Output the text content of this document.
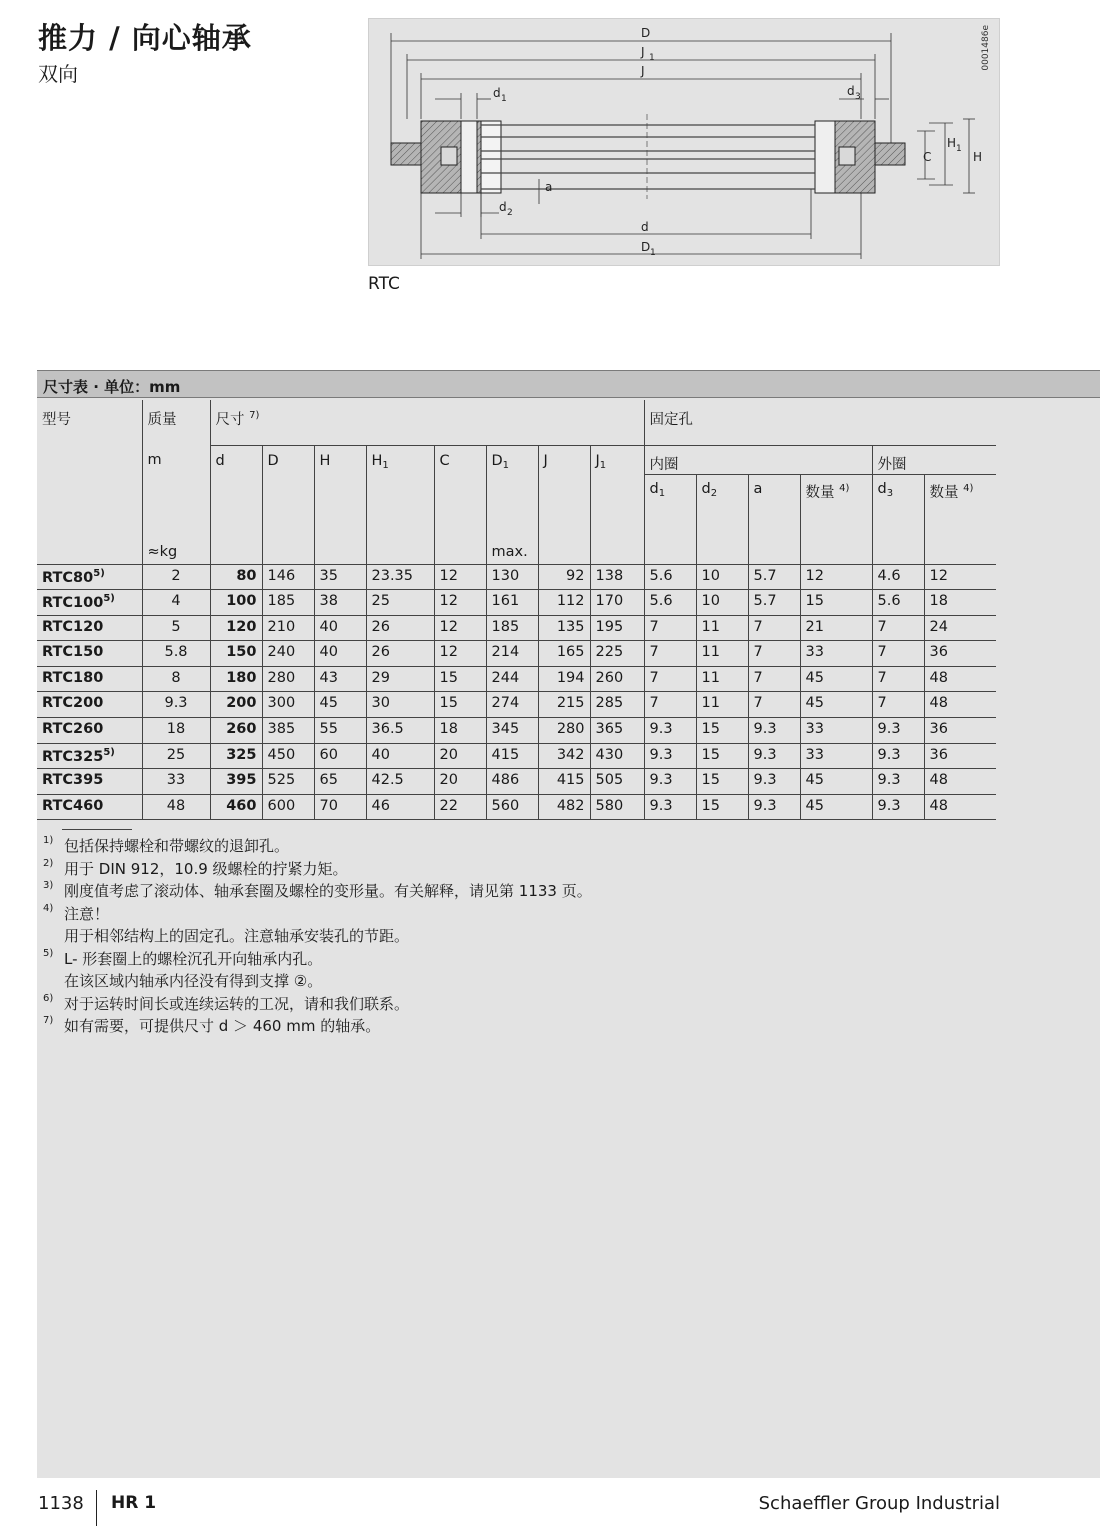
推力 / 向心轴承
双向
D
J 1
J
d 1
d 3
H 1
C	H
a
d 2
d
D 1
0001486e
RTC
尺寸表 · 单位：mm
型号	质量	尺寸 $^{7)}$								固定孔					
	m	d	D	H	$H_1$	C	$D_1$	J	$J_1$	内圈				外圈	
	≈kg						max.			$d_1$	$d_2$	a	数量 $^{4)}$	$d_3$	数量 $^{4)}$
RTC80$^{5)}$	2	80	146	35	23.35	12	130	92	138	5.6	10	5.7	12	4.6	12
RTC100$^{5)}$	4	100	185	38	25	12	161	112	170	5.6	10	5.7	15	5.6	18
RTC120	5	120	210	40	26	12	185	135	195	7	11	7	21	7	24
RTC150	5.8	150	240	40	26	12	214	165	225	7	11	7	33	7	36
RTC180	8	180	280	43	29	15	244	194	260	7	11	7	45	7	48
RTC200	9.3	200	300	45	30	15	274	215	285	7	11	7	45	7	48
RTC260	18	260	385	55	36.5	18	345	280	365	9.3	15	9.3	33	9.3	36
RTC325$^{5)}$	25	325	450	60	40	20	415	342	430	9.3	15	9.3	33	9.3	36
RTC395	33	395	525	65	42.5	20	486	415	505	9.3	15	9.3	45	9.3	48
RTC460	48	460	600	70	46	22	560	482	580	9.3	15	9.3	45	9.3	48
1) 包括保持螺栓和带螺纹的退卸孔。
2) 用于 DIN 912，10.9 级螺栓的拧紧力矩。
3) 刚度值考虑了滚动体、轴承套圈及螺栓的变形量。有关解释，请见第 1133 页。
4) 注意！
用于相邻结构上的固定孔。注意轴承安装孔的节距。
5) L- 形套圈上的螺栓沉孔开向轴承内孔。
在该区域内轴承内径没有得到支撑 ②。
6) 对于运转时间长或连续运转的工况，请和我们联系。
7) 如有需要，可提供尺寸 d ＞ 460 mm 的轴承。
1138 HR 1	Schaeffler Group Industrial
